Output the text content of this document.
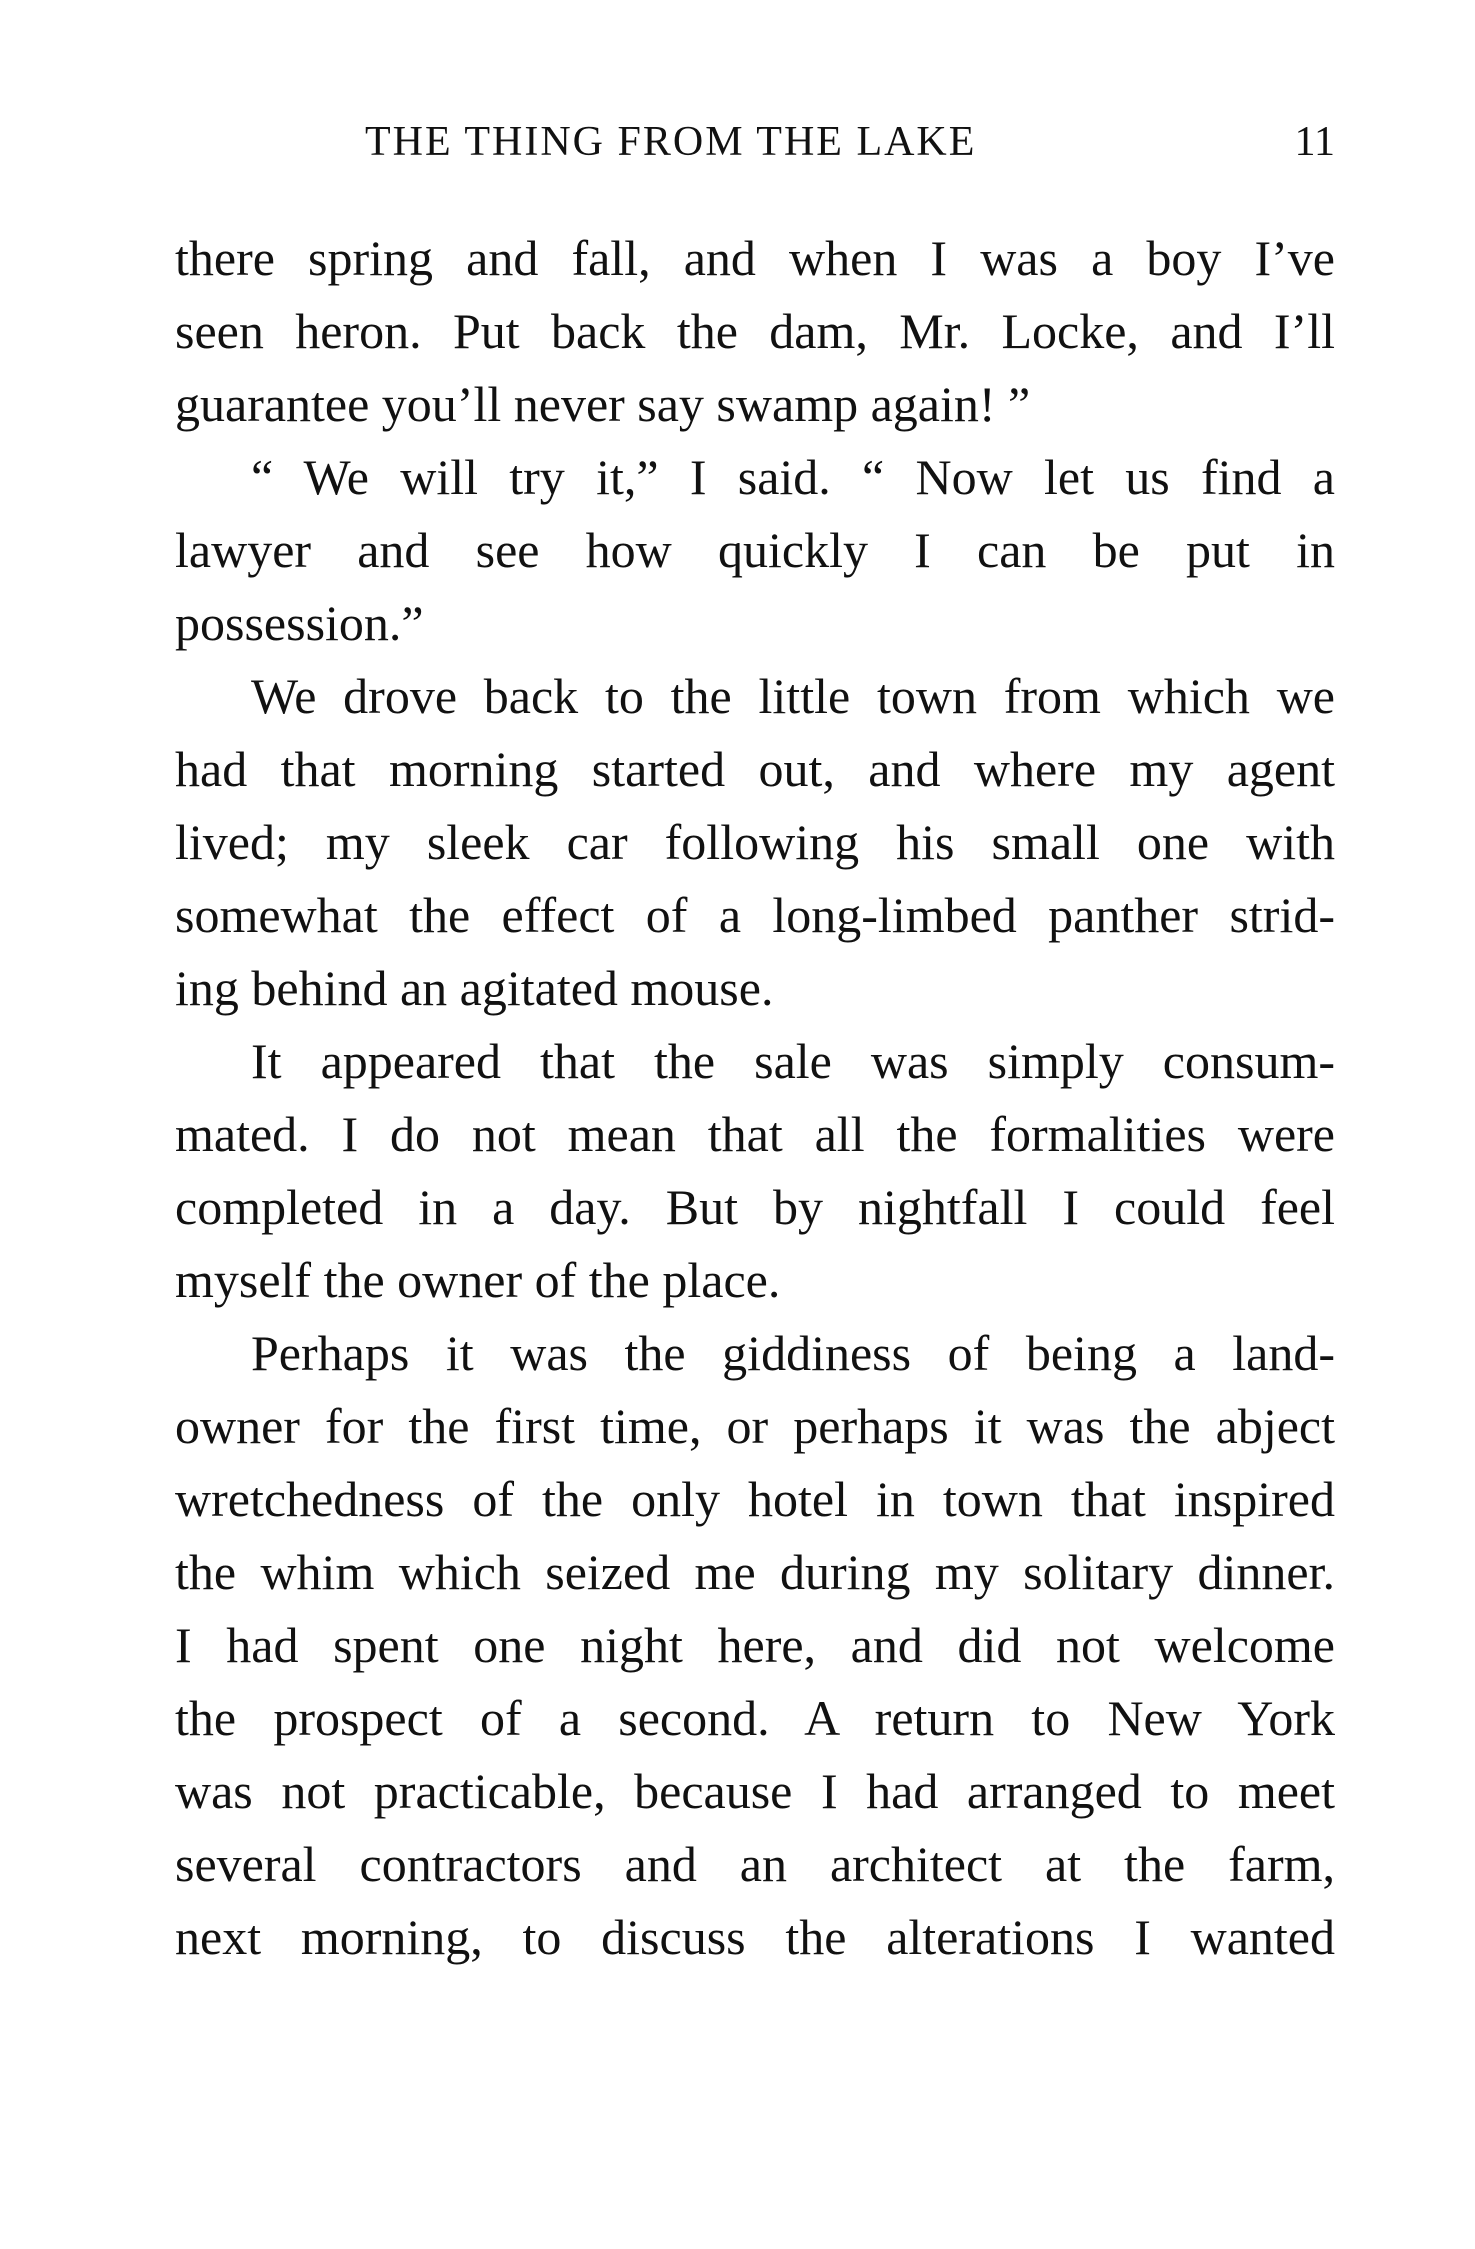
THE THING FROM THE LAKE	11
there spring and fall, and when I was a boy I’ve
seen heron. Put back the dam, Mr. Locke, and I’ll
guarantee you’ll never say swamp again! ”
“ We will try it,” I said. “ Now let us find a
lawyer and see how quickly I can be put in
possession.”
We drove back to the little town from which we
had that morning started out, and where my agent
lived; my sleek car following his small one with
somewhat the effect of a long-limbed panther strid-
ing behind an agitated mouse.
It appeared that the sale was simply consum-
mated. I do not mean that all the formalities were
completed in a day. But by nightfall I could feel
myself the owner of the place.
Perhaps it was the giddiness of being a land-
owner for the first time, or perhaps it was the abject
wretchedness of the only hotel in town that inspired
the whim which seized me during my solitary dinner.
I had spent one night here, and did not welcome
the prospect of a second. A return to New York
was not practicable, because I had arranged to meet
several contractors and an architect at the farm,
next morning, to discuss the alterations I wanted
